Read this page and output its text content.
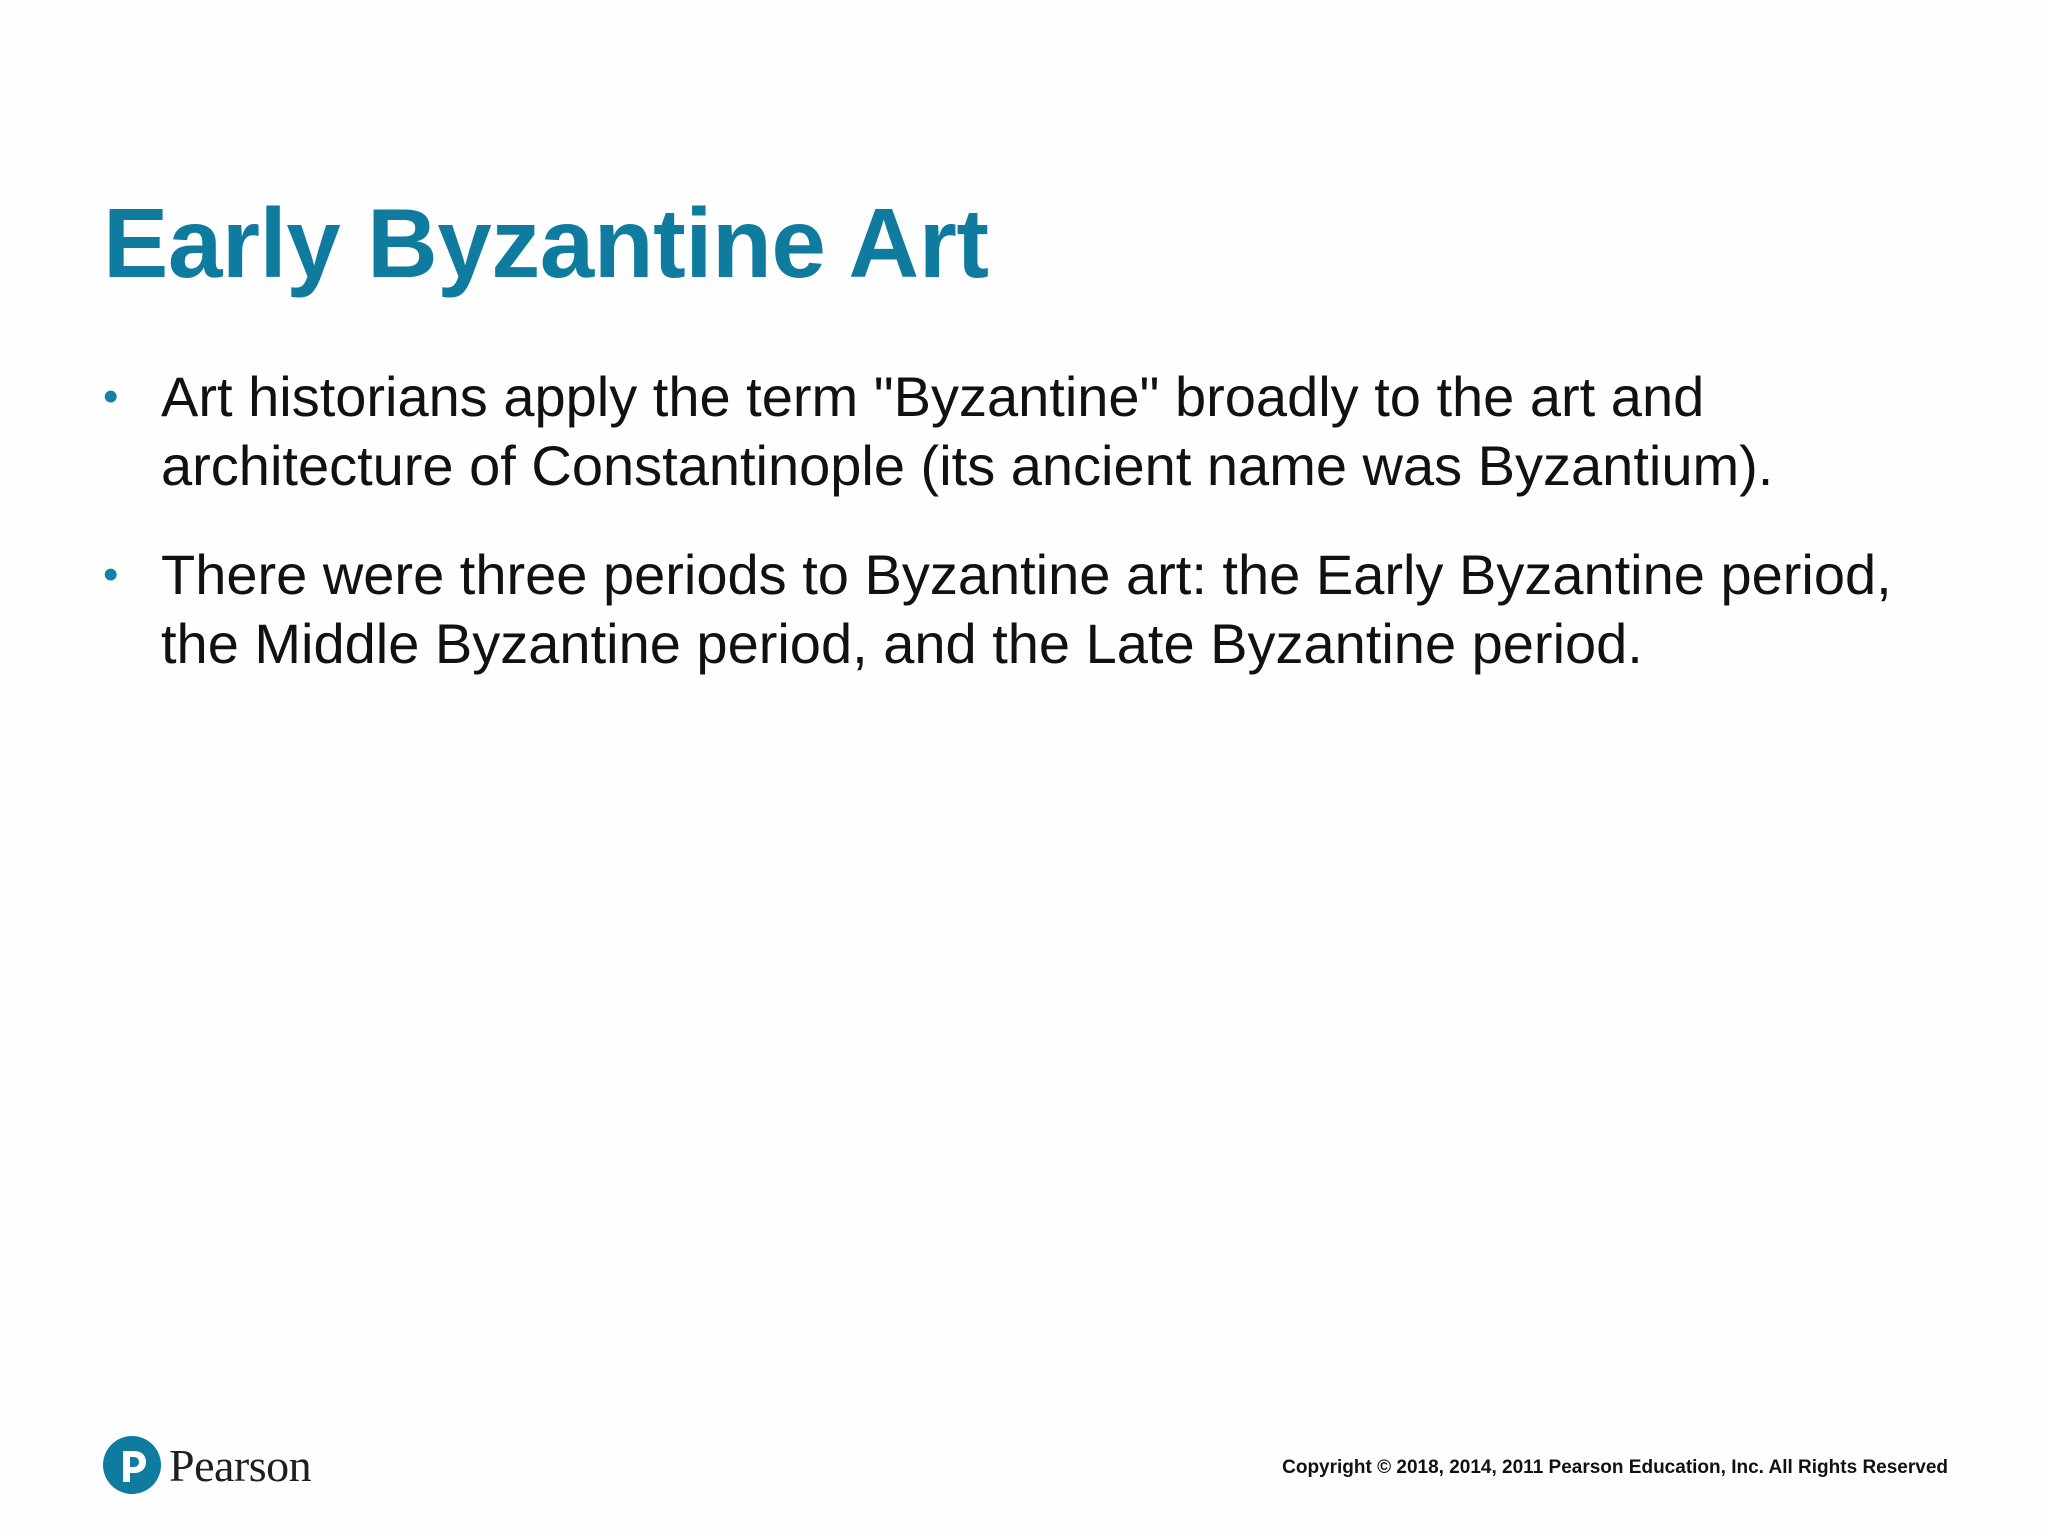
Early Byzantine Art
• Art historians apply the term "Byzantine" broadly to the art and architecture of Constantinople (its ancient name was Byzantium).
• There were three periods to Byzantine art: the Early Byzantine period, the Middle Byzantine period, and the Late Byzantine period.
Pearson	Copyright © 2018, 2014, 2011 Pearson Education, Inc. All Rights Reserved
